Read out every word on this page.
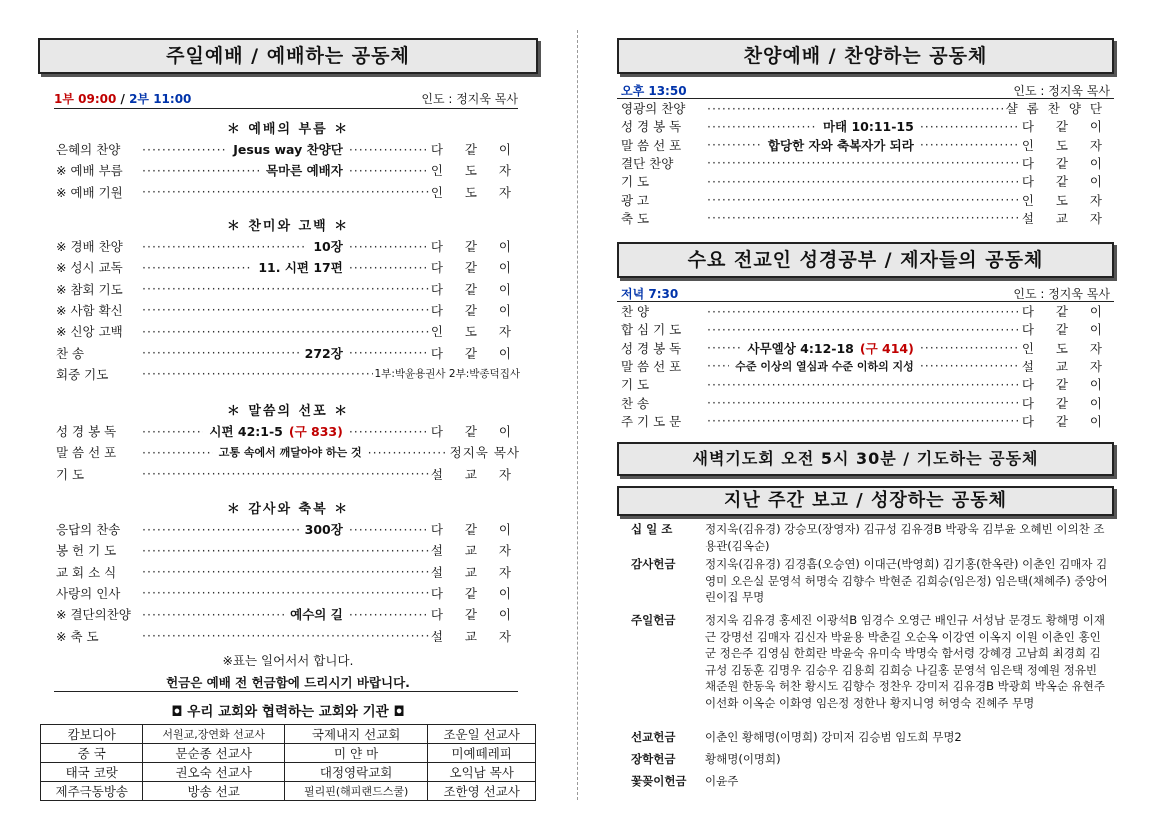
주일예배 / 예배하는 공동체
1부 09:00 / 2부 11:00	인도 : 정지욱 목사
＊ 예배의 부름 ＊
은혜의 찬양 ·····	Jesus way 찬양단 ·····	다 같 이
※ 예배 부름 ·····	목마른 예배자 ·····	인 도 자
※ 예배 기원 ·····	인 도 자
＊ 찬미와 고백 ＊
※ 경배 찬양 ·····	10장 ·····	다 같 이
※ 성시 교독 ·····	11. 시편 17편 ·····	다 같 이
※ 참회 기도 ·····	다 같 이
※ 사함 확신 ·····	다 같 이
※ 신앙 고백 ·····	인 도 자
찬 송 ·····	272장 ·····	다 같 이
회중 기도 ·····	1부:박윤용권사 2부:박종덕집사
＊ 말씀의 선포 ＊
성 경 봉 독 ·····	시편 42:1-5 (구 833) ·····	다 같 이
말 씀 선 포 ·····	고통 속에서 깨달아야 하는 것 ·····	정지욱 목사
기 도 ·····	설 교 자
＊ 감사와 축복 ＊
응답의 찬송 ·····	300장 ·····	다 같 이
봉 헌 기 도 ·····	설 교 자
교 회 소 식 ·····	설 교 자
사랑의 인사 ·····	다 같 이
※ 결단의찬양 ·····	예수의 길 ·····	다 같 이
※ 축 도 ·····	설 교 자
※표는 일어서서 합니다.
헌금은 예배 전 헌금함에 드리시기 바랍니다.
◘ 우리 교회와 협력하는 교회와 기관 ◘
캄보디아	서원교,장연화 선교사	국제내지 선교회	조운일 선교사
중 국	문순종 선교사	미 얀 마	미예떼레피
태국 코랏	권오숙 선교사	대정영락교회	오익남 목사
제주극동방송	방송 선교	필리핀(해피랜드스쿨)	조한영 선교사
찬양예배 / 찬양하는 공동체
오후 13:50	인도 : 정지욱 목사
영광의 찬양 ·····	샬롬찬양단
성 경 봉 독 ·····	마태 10:11-15 ·····	다 같 이
말 씀 선 포 ·····	합당한 자와 축복자가 되라 ·····	인 도 자
결단 찬양 ·····	다 같 이
기 도 ·····	다 같 이
광 고 ·····	인 도 자
축 도 ·····	설 교 자
수요 전교인 성경공부 / 제자들의 공동체
저녁 7:30	인도 : 정지욱 목사
찬 양 ·····	다 같 이
합 심 기 도 ·····	다 같 이
성 경 봉 독 ·····	사무엘상 4:12-18 (구 414) ·····	인 도 자
말 씀 선 포 ·····	수준 이상의 열심과 수준 이하의 지성 ·····	설 교 자
기 도 ·····	다 같 이
찬 송 ·····	다 같 이
주 기 도 문 ·····	다 같 이
새벽기도회 오전 5시 30분 / 기도하는 공동체
지난 주간 보고 / 성장하는 공동체
십 일 조	정지욱(김유경) 강승모(장영자) 김규성 김유경B 박광욱 김부윤 오혜빈 이의찬 조용관(김옥순)
감사헌금	정지욱(김유경) 김경흠(오승연) 이대근(박영희) 김기홍(한옥란) 이춘인 김매자 김영미 오은실 문영석 허명숙 김향수 박현준 김희승(임은정) 임은택(채혜주) 중앙어린이집 무명
주일헌금	정지욱 김유경 홍세진 이광석B 임경수 오영근 배인규 서성남 문경도 황해명 이재근 강명선 김매자 김신자 박윤용 박춘길 오순옥 이강연 이옥지 이원 이춘인 홍인군 정은주 김영심 한희란 박윤숙 유미숙 박명숙 함서령 강혜경 고남희 최경희 김규성 김동훈 김명우 김승우 김용희 김희승 나길홍 문영석 임은택 정예원 정유빈 채준원 한동욱 허찬 황시도 김향수 정찬우 강미저 김유경B 박광희 박옥순 유현주 이선화 이옥순 이화영 임은정 정한나 황지니영 허영숙 진혜주 무명
선교헌금	이춘인 황해명(이명희) 강미저 김승범 임도희 무명2
장학헌금	황해명(이명희)
꽃꽂이헌금	이윤주
